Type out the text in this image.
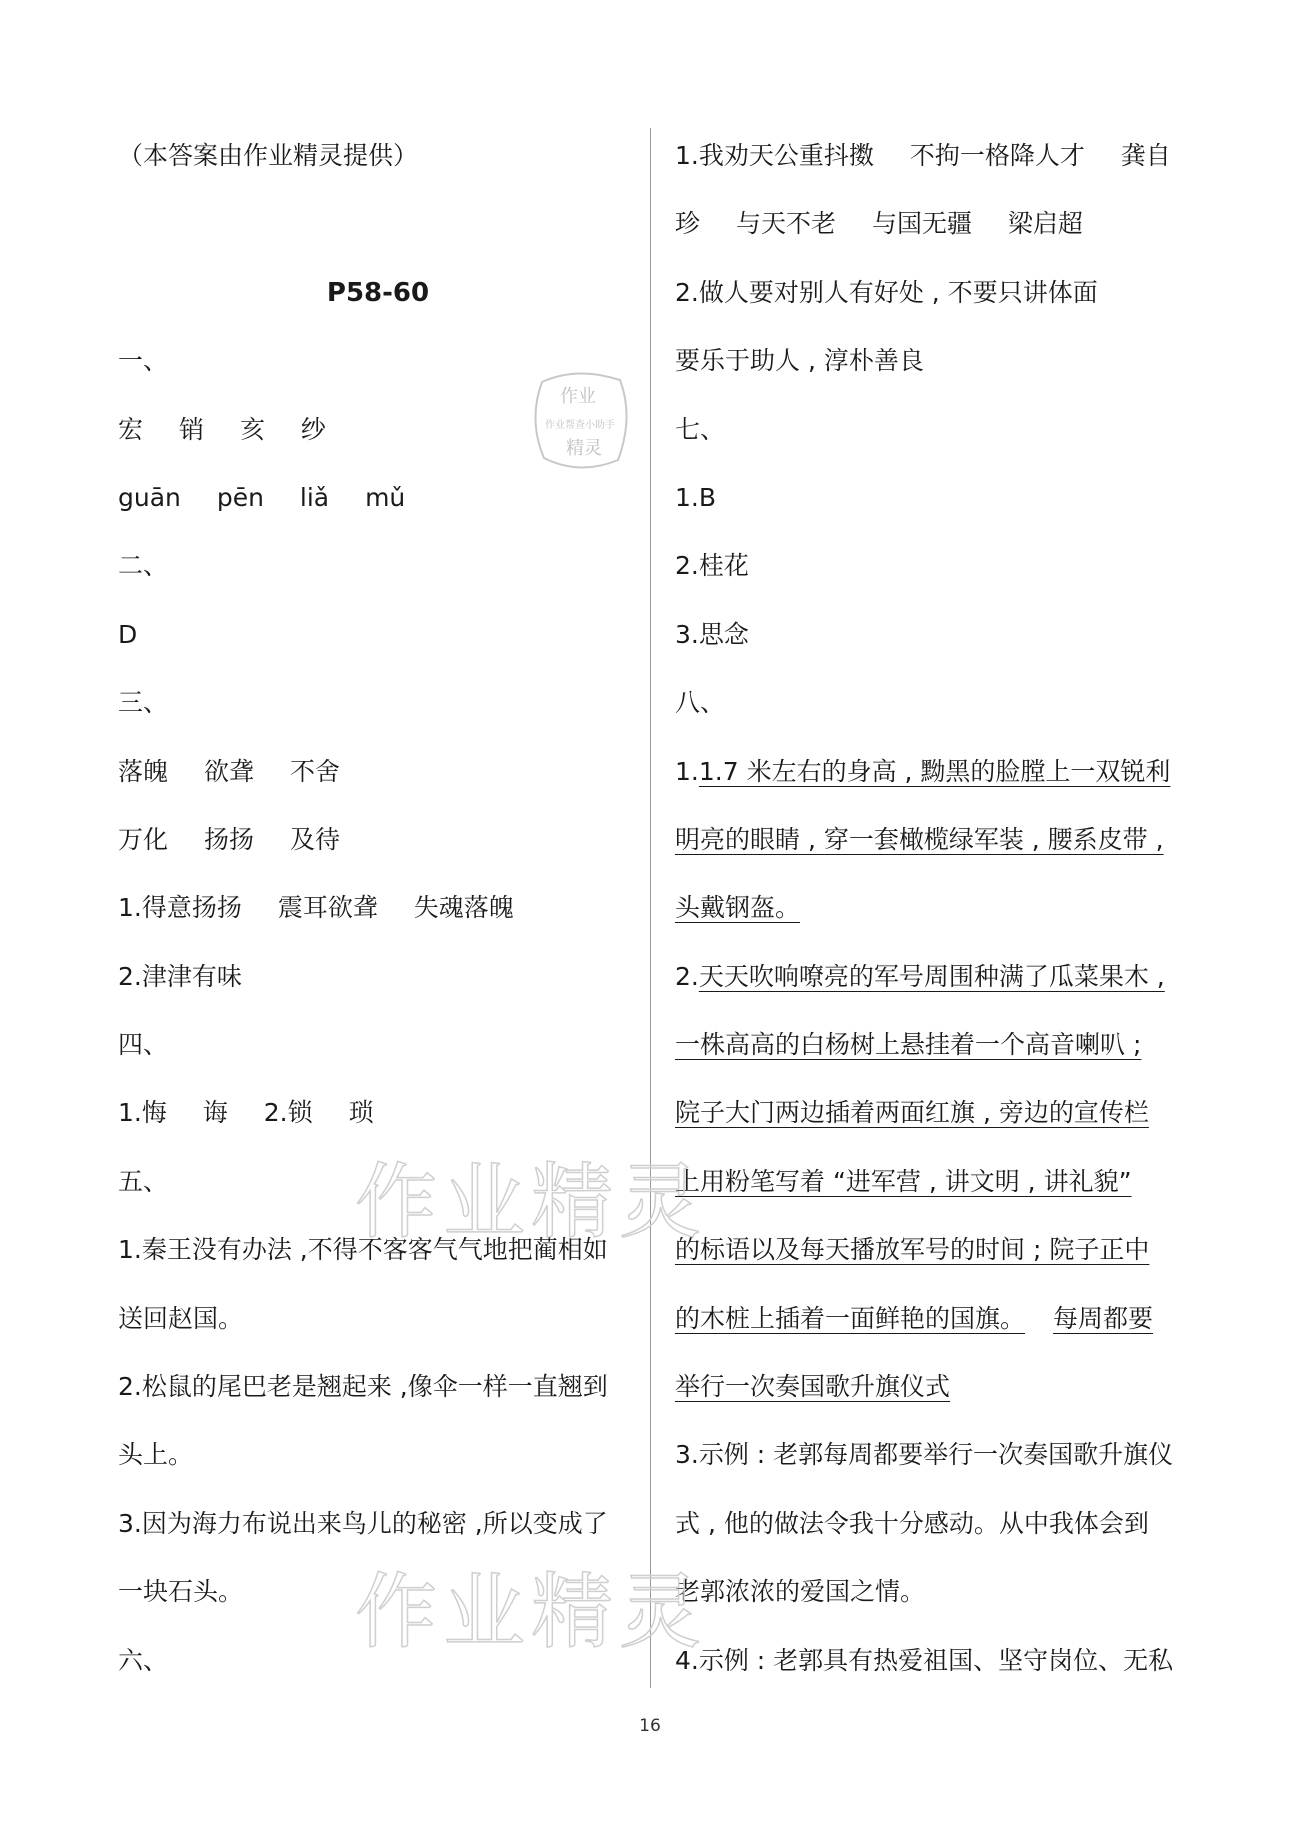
（本答案由作业精灵提供）
P58-60
一、
宏 销 亥 纱
guān pēn liǎ mǔ
二、
D
三、
落魄 欲聋 不舍
万化 扬扬 及待
1.得意扬扬 震耳欲聋 失魂落魄
2.津津有味
四、
1.悔 诲 2.锁 琐
五、
1.秦王没有办法 ,不得不客客气气地把蔺相如
送回赵国。
2.松鼠的尾巴老是翘起来 ,像伞一样一直翘到
头上。
3.因为海力布说出来鸟儿的秘密 ,所以变成了
一块石头。
六、
1.我劝天公重抖擞 不拘一格降人才 龚自
珍 与天不老 与国无疆 梁启超
2.做人要对别人有好处 , 不要只讲体面
要乐于助人 , 淳朴善良
七、
1.B
2.桂花
3.思念
八、
1.1.7 米左右的身高 , 黝黑的脸膛上一双锐利
明亮的眼睛 , 穿一套橄榄绿军装 , 腰系皮带 ,
头戴钢盔。
2.天天吹响嘹亮的军号周围种满了瓜菜果木 ,
一株高高的白杨树上悬挂着一个高音喇叭 ;
院子大门两边插着两面红旗 , 旁边的宣传栏
上用粉笔写着 “进军营 , 讲文明 , 讲礼貌”
的标语以及每天播放军号的时间 ; 院子正中
的木桩上插着一面鲜艳的国旗。 每周都要
举行一次奏国歌升旗仪式
3.示例 : 老郭每周都要举行一次奏国歌升旗仪
式 , 他的做法令我十分感动。从中我体会到
老郭浓浓的爱国之情。
4.示例 : 老郭具有热爱祖国、坚守岗位、无私
作业
作业帮查小助手
精灵
作业精灵
作业精灵
16
